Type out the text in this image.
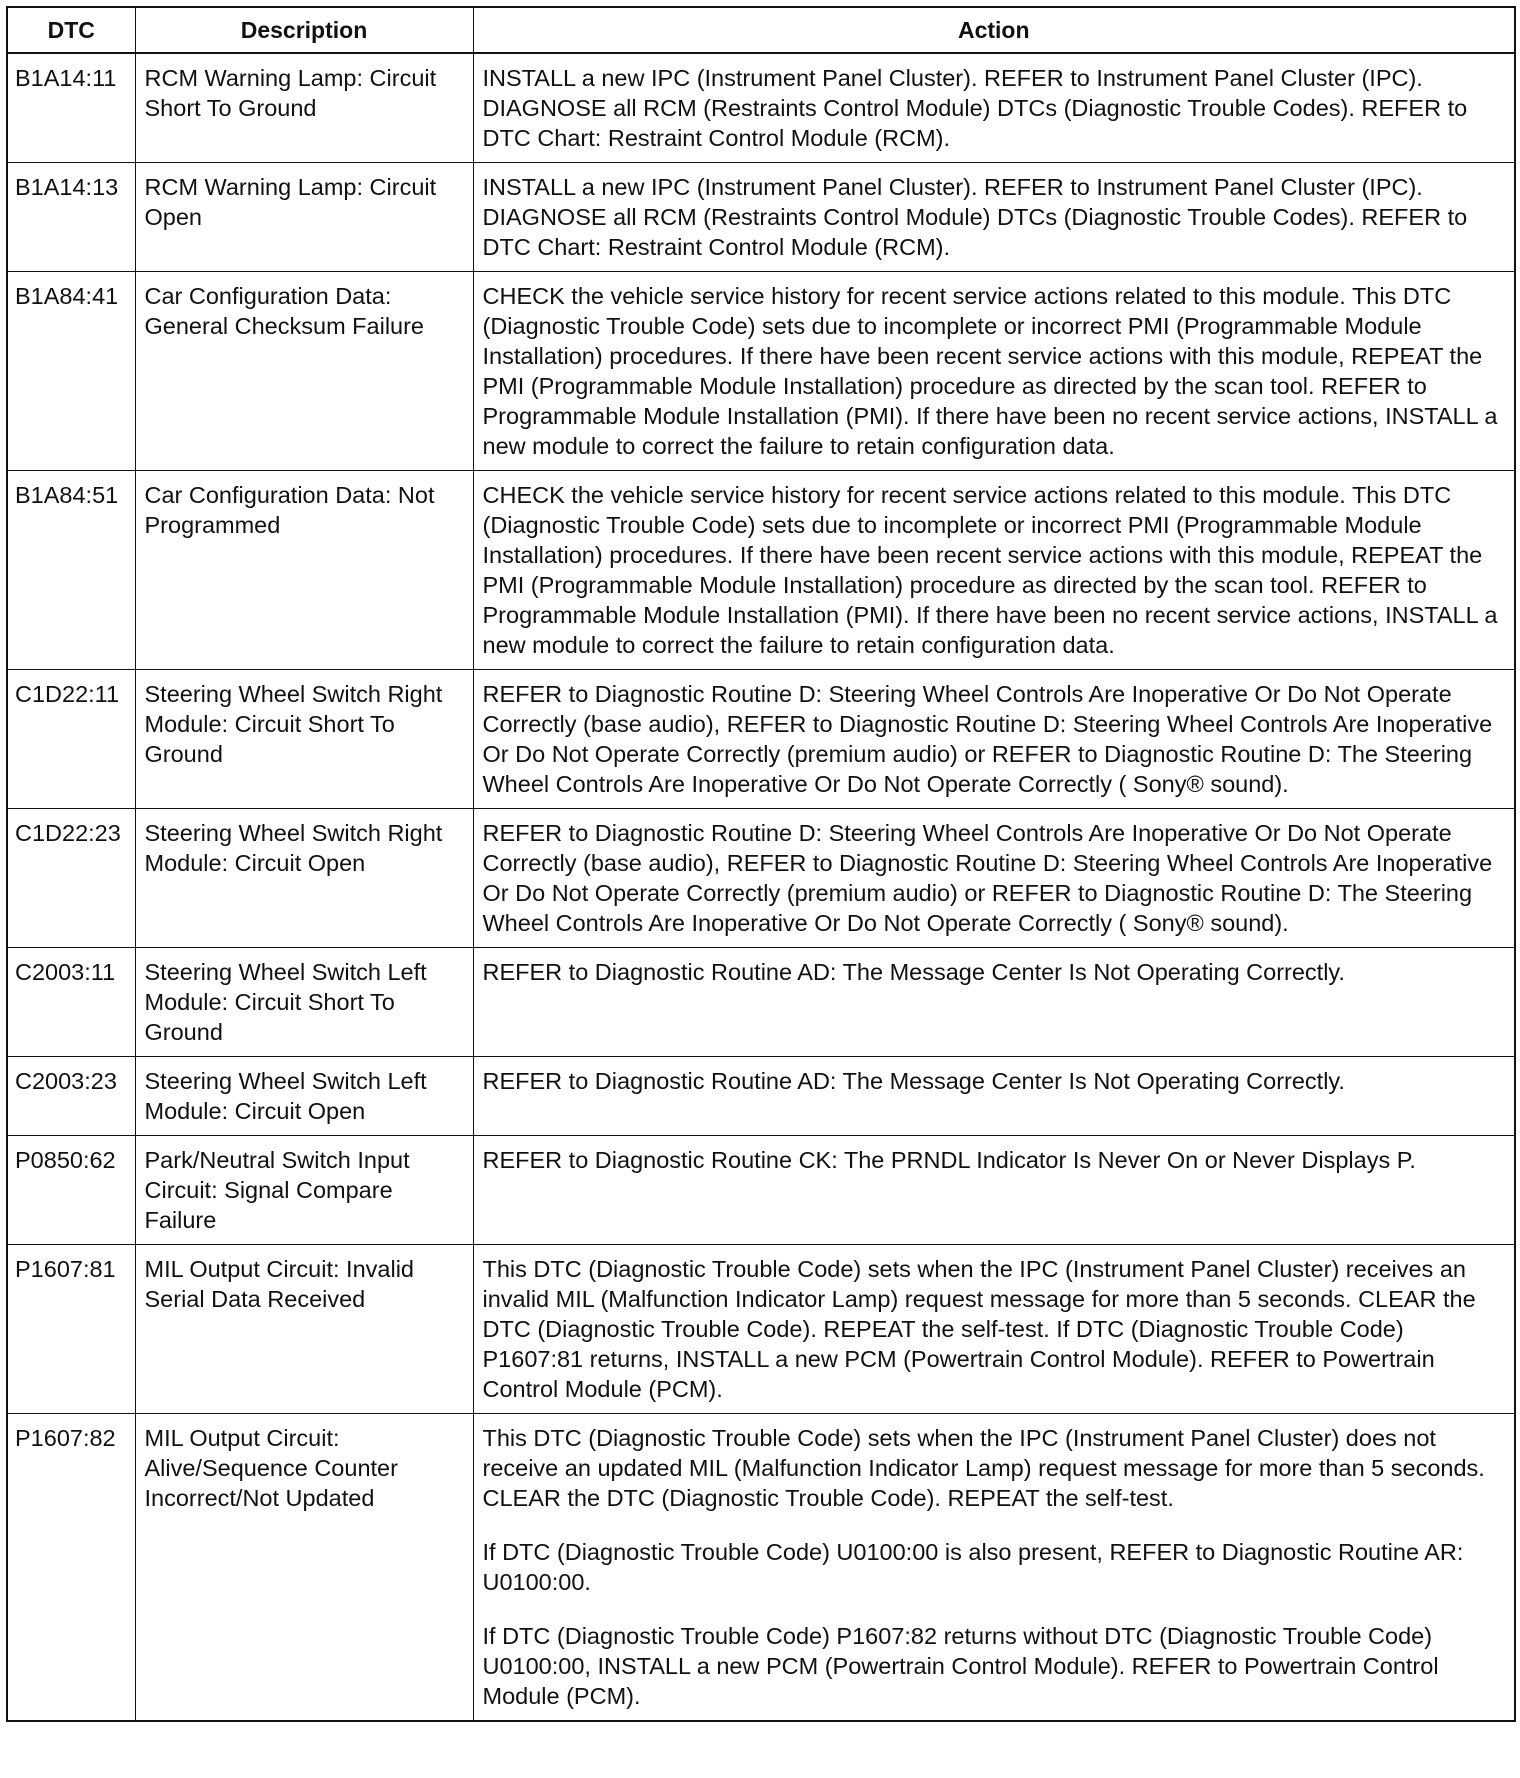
DTC	Description	Action
B1A14:11	RCM Warning Lamp: Circuit Short To Ground	INSTALL a new IPC (Instrument Panel Cluster). REFER to Instrument Panel Cluster (IPC). DIAGNOSE all RCM (Restraints Control Module) DTCs (Diagnostic Trouble Codes). REFER to DTC Chart: Restraint Control Module (RCM).

B1A14:13	RCM Warning Lamp: Circuit Open	INSTALL a new IPC (Instrument Panel Cluster). REFER to Instrument Panel Cluster (IPC). DIAGNOSE all RCM (Restraints Control Module) DTCs (Diagnostic Trouble Codes). REFER to DTC Chart: Restraint Control Module (RCM).

B1A84:41	Car Configuration Data: General Checksum Failure	CHECK the vehicle service history for recent service actions related to this module. This DTC (Diagnostic Trouble Code) sets due to incomplete or incorrect PMI (Programmable Module Installation) procedures. If there have been recent service actions with this module, REPEAT the PMI (Programmable Module Installation) procedure as directed by the scan tool. REFER to Programmable Module Installation (PMI). If there have been no recent service actions, INSTALL a new module to correct the failure to retain configuration data.

B1A84:51	Car Configuration Data: Not Programmed	CHECK the vehicle service history for recent service actions related to this module. This DTC (Diagnostic Trouble Code) sets due to incomplete or incorrect PMI (Programmable Module Installation) procedures. If there have been recent service actions with this module, REPEAT the PMI (Programmable Module Installation) procedure as directed by the scan tool. REFER to Programmable Module Installation (PMI). If there have been no recent service actions, INSTALL a new module to correct the failure to retain configuration data.

C1D22:11	Steering Wheel Switch Right Module: Circuit Short To Ground	REFER to Diagnostic Routine D: Steering Wheel Controls Are Inoperative Or Do Not Operate Correctly (base audio), REFER to Diagnostic Routine D: Steering Wheel Controls Are Inoperative Or Do Not Operate Correctly (premium audio) or REFER to Diagnostic Routine D: The Steering Wheel Controls Are Inoperative Or Do Not Operate Correctly ( Sony® sound).

C1D22:23	Steering Wheel Switch Right Module: Circuit Open	REFER to Diagnostic Routine D: Steering Wheel Controls Are Inoperative Or Do Not Operate Correctly (base audio), REFER to Diagnostic Routine D: Steering Wheel Controls Are Inoperative Or Do Not Operate Correctly (premium audio) or REFER to Diagnostic Routine D: The Steering Wheel Controls Are Inoperative Or Do Not Operate Correctly ( Sony® sound).

C2003:11	Steering Wheel Switch Left Module: Circuit Short To Ground	REFER to Diagnostic Routine AD: The Message Center Is Not Operating Correctly.

C2003:23	Steering Wheel Switch Left Module: Circuit Open	REFER to Diagnostic Routine AD: The Message Center Is Not Operating Correctly.

P0850:62	Park/Neutral Switch Input Circuit: Signal Compare Failure	REFER to Diagnostic Routine CK: The PRNDL Indicator Is Never On or Never Displays P.

P1607:81	MIL Output Circuit: Invalid Serial Data Received	This DTC (Diagnostic Trouble Code) sets when the IPC (Instrument Panel Cluster) receives an invalid MIL (Malfunction Indicator Lamp) request message for more than 5 seconds. CLEAR the DTC (Diagnostic Trouble Code). REPEAT the self-test. If DTC (Diagnostic Trouble Code) P1607:81 returns, INSTALL a new PCM (Powertrain Control Module). REFER to Powertrain Control Module (PCM).

P1607:82	MIL Output Circuit: Alive/Sequence Counter Incorrect/Not Updated	This DTC (Diagnostic Trouble Code) sets when the IPC (Instrument Panel Cluster) does not receive an updated MIL (Malfunction Indicator Lamp) request message for more than 5 seconds. CLEAR the DTC (Diagnostic Trouble Code). REPEAT the self-test.

If DTC (Diagnostic Trouble Code) U0100:00 is also present, REFER to Diagnostic Routine AR: U0100:00.

If DTC (Diagnostic Trouble Code) P1607:82 returns without DTC (Diagnostic Trouble Code) U0100:00, INSTALL a new PCM (Powertrain Control Module). REFER to Powertrain Control Module (PCM).
